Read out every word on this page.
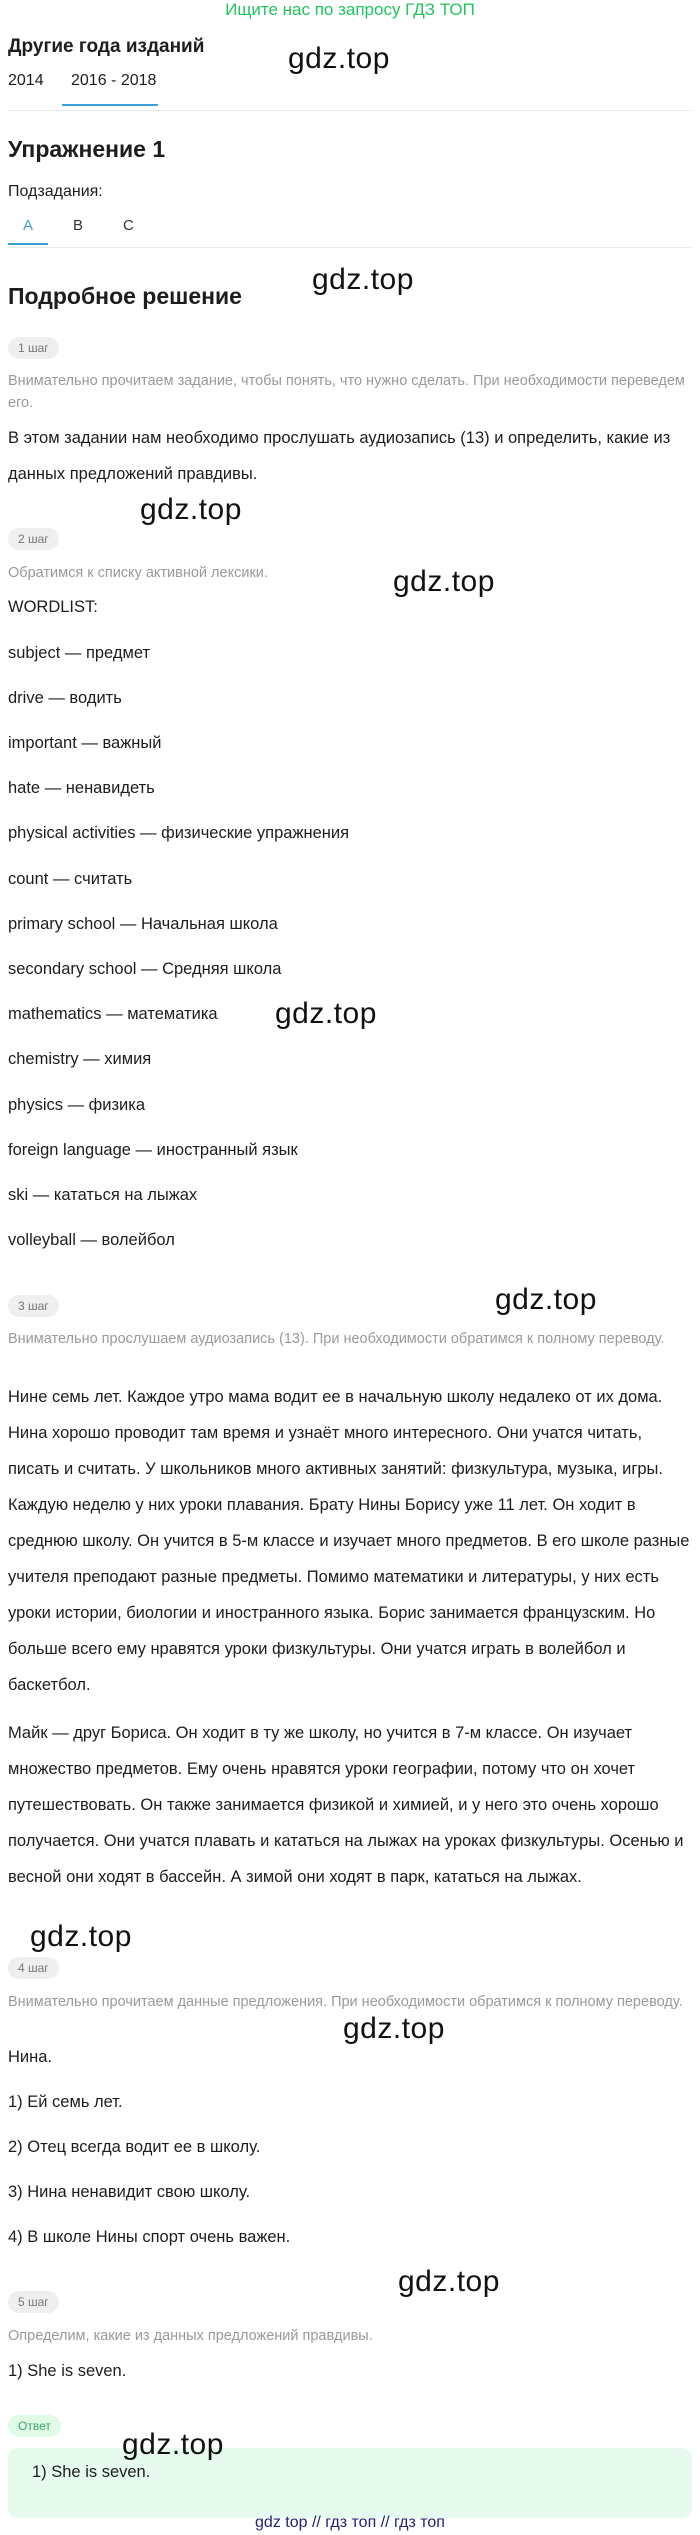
Ищите нас по запросу ГДЗ ТОП
Другие года изданий
2014 2016 - 2018
gdz.top
Упражнение 1
Подзадания:
A	B	C
Подробное решение gdz.top
1 шаг
Внимательно прочитаем задание, чтобы понять, что нужно сделать. При необходимости переведем его.
В этом задании нам необходимо прослушать аудиозапись (13) и определить, какие из данных предложений правдивы.
gdz.top
2 шаг
Обратимся к списку активной лексики.	gdz.top
WORDLIST:
subject — предмет
drive — водить
important — важный
hate — ненавидеть
physical activities — физические упражнения
count — считать
primary school — Начальная школа
secondary school — Средняя школа
mathematics — математика gdz.top
chemistry — химия
physics — физика
foreign language — иностранный язык
ski — кататься на лыжах
volleyball — волейбол
gdz.top
3 шаг
Внимательно прослушаем аудиозапись (13). При необходимости обратимся к полному переводу.
Нине семь лет. Каждое утро мама водит ее в начальную школу недалеко от их дома. Нина хорошо проводит там время и узнаёт много интересного. Они учатся читать, писать и считать. У школьников много активных занятий: физкультура, музыка, игры. Каждую неделю у них уроки плавания. Брату Нины Борису уже 11 лет. Он ходит в среднюю школу. Он учится в 5-м классе и изучает много предметов. В его школе разные учителя преподают разные предметы. Помимо математики и литературы, у них есть уроки истории, биологии и иностранного языка. Борис занимается французским. Но больше всего ему нравятся уроки физкультуры. Они учатся играть в волейбол и баскетбол.
Майк — друг Бориса. Он ходит в ту же школу, но учится в 7-м классе. Он изучает множество предметов. Ему очень нравятся уроки географии, потому что он хочет путешествовать. Он также занимается физикой и химией, и у него это очень хорошо получается. Они учатся плавать и кататься на лыжах на уроках физкультуры. Осенью и весной они ходят в бассейн. А зимой они ходят в парк, кататься на лыжах.
gdz.top
4 шаг
Внимательно прочитаем данные предложения. При необходимости обратимся к полному переводу.
gdz.top
Нина.
1) Ей семь лет.
2) Отец всегда водит ее в школу.
3) Нина ненавидит свою школу.
4) В школе Нины спорт очень важен.
gdz.top
5 шаг
Определим, какие из данных предложений правдивы.
1) She is seven.
Ответ
1) She is seven.
gdz.top
gdz top // гдз топ // гдз топ
